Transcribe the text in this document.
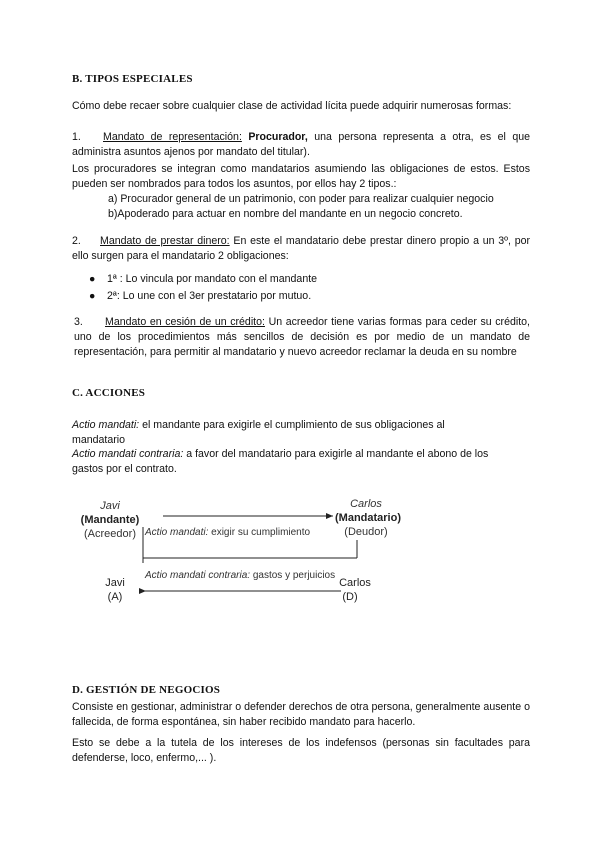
B. TIPOS ESPECIALES
Cómo debe recaer sobre cualquier clase de actividad lícita puede adquirir numerosas formas:
1. Mandato de representación: Procurador, una persona representa a otra, es el que administra asuntos ajenos por mandato del titular).
Los procuradores se integran como mandatarios asumiendo las obligaciones de estos. Estos pueden ser nombrados para todos los asuntos, por ellos hay 2 tipos.:
a) Procurador general de un patrimonio, con poder para realizar cualquier negocio
b)Apoderado para actuar en nombre del mandante en un negocio concreto.
2. Mandato de prestar dinero: En este el mandatario debe prestar dinero propio a un 3º, por ello surgen para el mandatario 2 obligaciones:
● 1ª : Lo vincula por mandato con el mandante
● 2ª: Lo une con el 3er prestatario por mutuo.
3. Mandato en cesión de un crédito: Un acreedor tiene varias formas para ceder su crédito, uno de los procedimientos más sencillos de decisión es por medio de un mandato de representación, para permitir al mandatario y nuevo acreedor reclamar la deuda en su nombre
C. ACCIONES
Actio mandati: el mandante para exigirle el cumplimiento de sus obligaciones al mandatario
Actio mandati contraria: a favor del mandatario para exigirle al mandante el abono de los gastos por el contrato.
Javi
(Mandante)
(Acreedor)
Carlos
(Mandatario)
(Deudor)
Actio mandati: exigir su cumplimiento
Actio mandati contraria: gastos y perjuicios
Javi
(A)
Carlos
(D)
D. GESTIÓN DE NEGOCIOS
Consiste en gestionar, administrar o defender derechos de otra persona, generalmente ausente o fallecida, de forma espontánea, sin haber recibido mandato para hacerlo.
Esto se debe a la tutela de los intereses de los indefensos (personas sin facultades para defenderse, loco, enfermo,... ).
